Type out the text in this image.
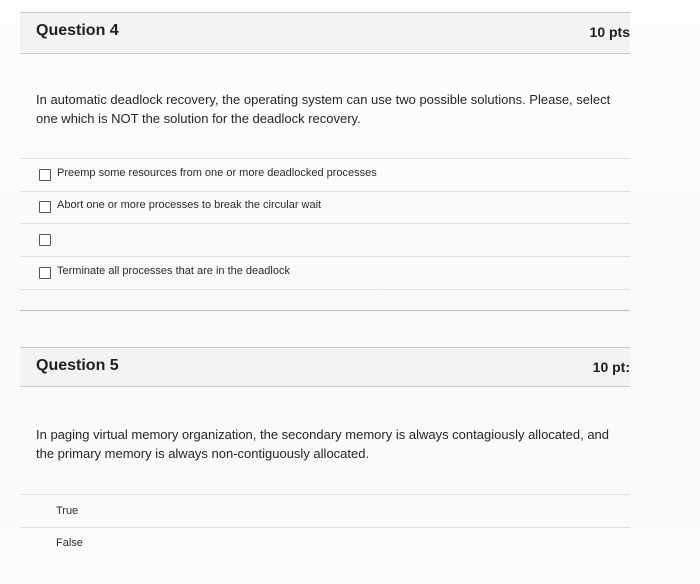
Question 4	10 pts
In automatic deadlock recovery, the operating system can use two possible solutions. Please, select one which is NOT the solution for the deadlock recovery.
Preemp some resources from one or more deadlocked processes
Abort one or more processes to break the circular wait
Terminate all processes that are in the deadlock
Question 5	10 pt:
In paging virtual memory organization, the secondary memory is always contagiously allocated, and the primary memory is always non-contiguously allocated.
True
False
